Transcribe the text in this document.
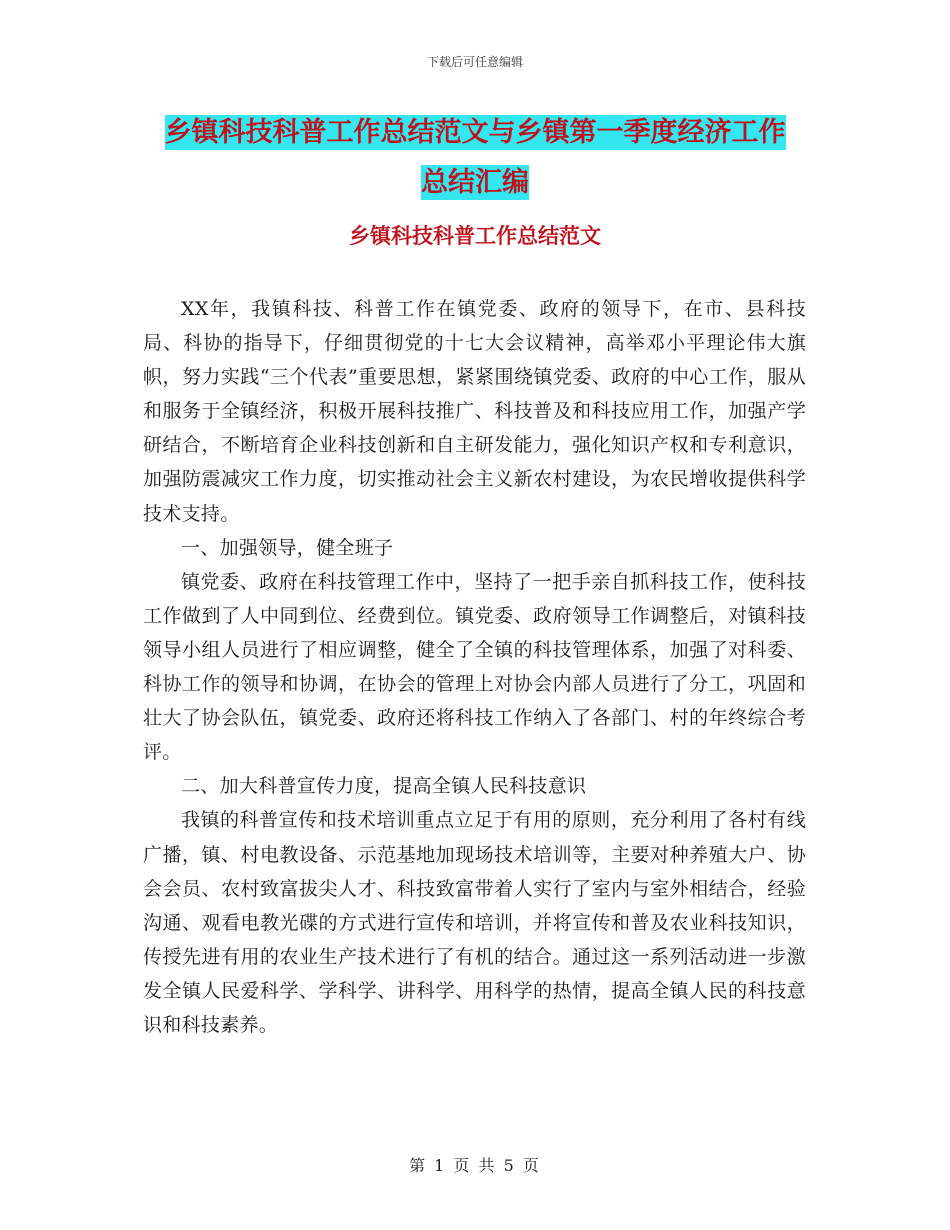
下载后可任意编辑
乡镇科技科普工作总结范文与乡镇第一季度经济工作
总结汇编
乡镇科技科普工作总结范文

XX年，我镇科技、科普工作在镇党委、政府的领导下，在市、县科技局、科协的指导下，仔细贯彻党的十七大会议精神，高举邓小平理论伟大旗帜，努力实践“三个代表”重要思想，紧紧围绕镇党委、政府的中心工作，服从和服务于全镇经济，积极开展科技推广、科技普及和科技应用工作，加强产学研结合，不断培育企业科技创新和自主研发能力，强化知识产权和专利意识，加强防震减灾工作力度，切实推动社会主义新农村建设，为农民增收提供科学技术支持。

一、加强领导，健全班子

镇党委、政府在科技管理工作中，坚持了一把手亲自抓科技工作，使科技工作做到了人中同到位、经费到位。镇党委、政府领导工作调整后，对镇科技领导小组人员进行了相应调整，健全了全镇的科技管理体系，加强了对科委、科协工作的领导和协调，在协会的管理上对协会内部人员进行了分工，巩固和壮大了协会队伍，镇党委、政府还将科技工作纳入了各部门、村的年终综合考评。

二、加大科普宣传力度，提高全镇人民科技意识

我镇的科普宣传和技术培训重点立足于有用的原则，充分利用了各村有线广播，镇、村电教设备、示范基地加现场技术培训等，主要对种养殖大户、协会会员、农村致富拔尖人才、科技致富带着人实行了室内与室外相结合，经验沟通、观看电教光碟的方式进行宣传和培训，并将宣传和普及农业科技知识，传授先进有用的农业生产技术进行了有机的结合。通过这一系列活动进一步激发全镇人民爱科学、学科学、讲科学、用科学的热情，提高全镇人民的科技意识和科技素养。

第 1 页 共 5 页
